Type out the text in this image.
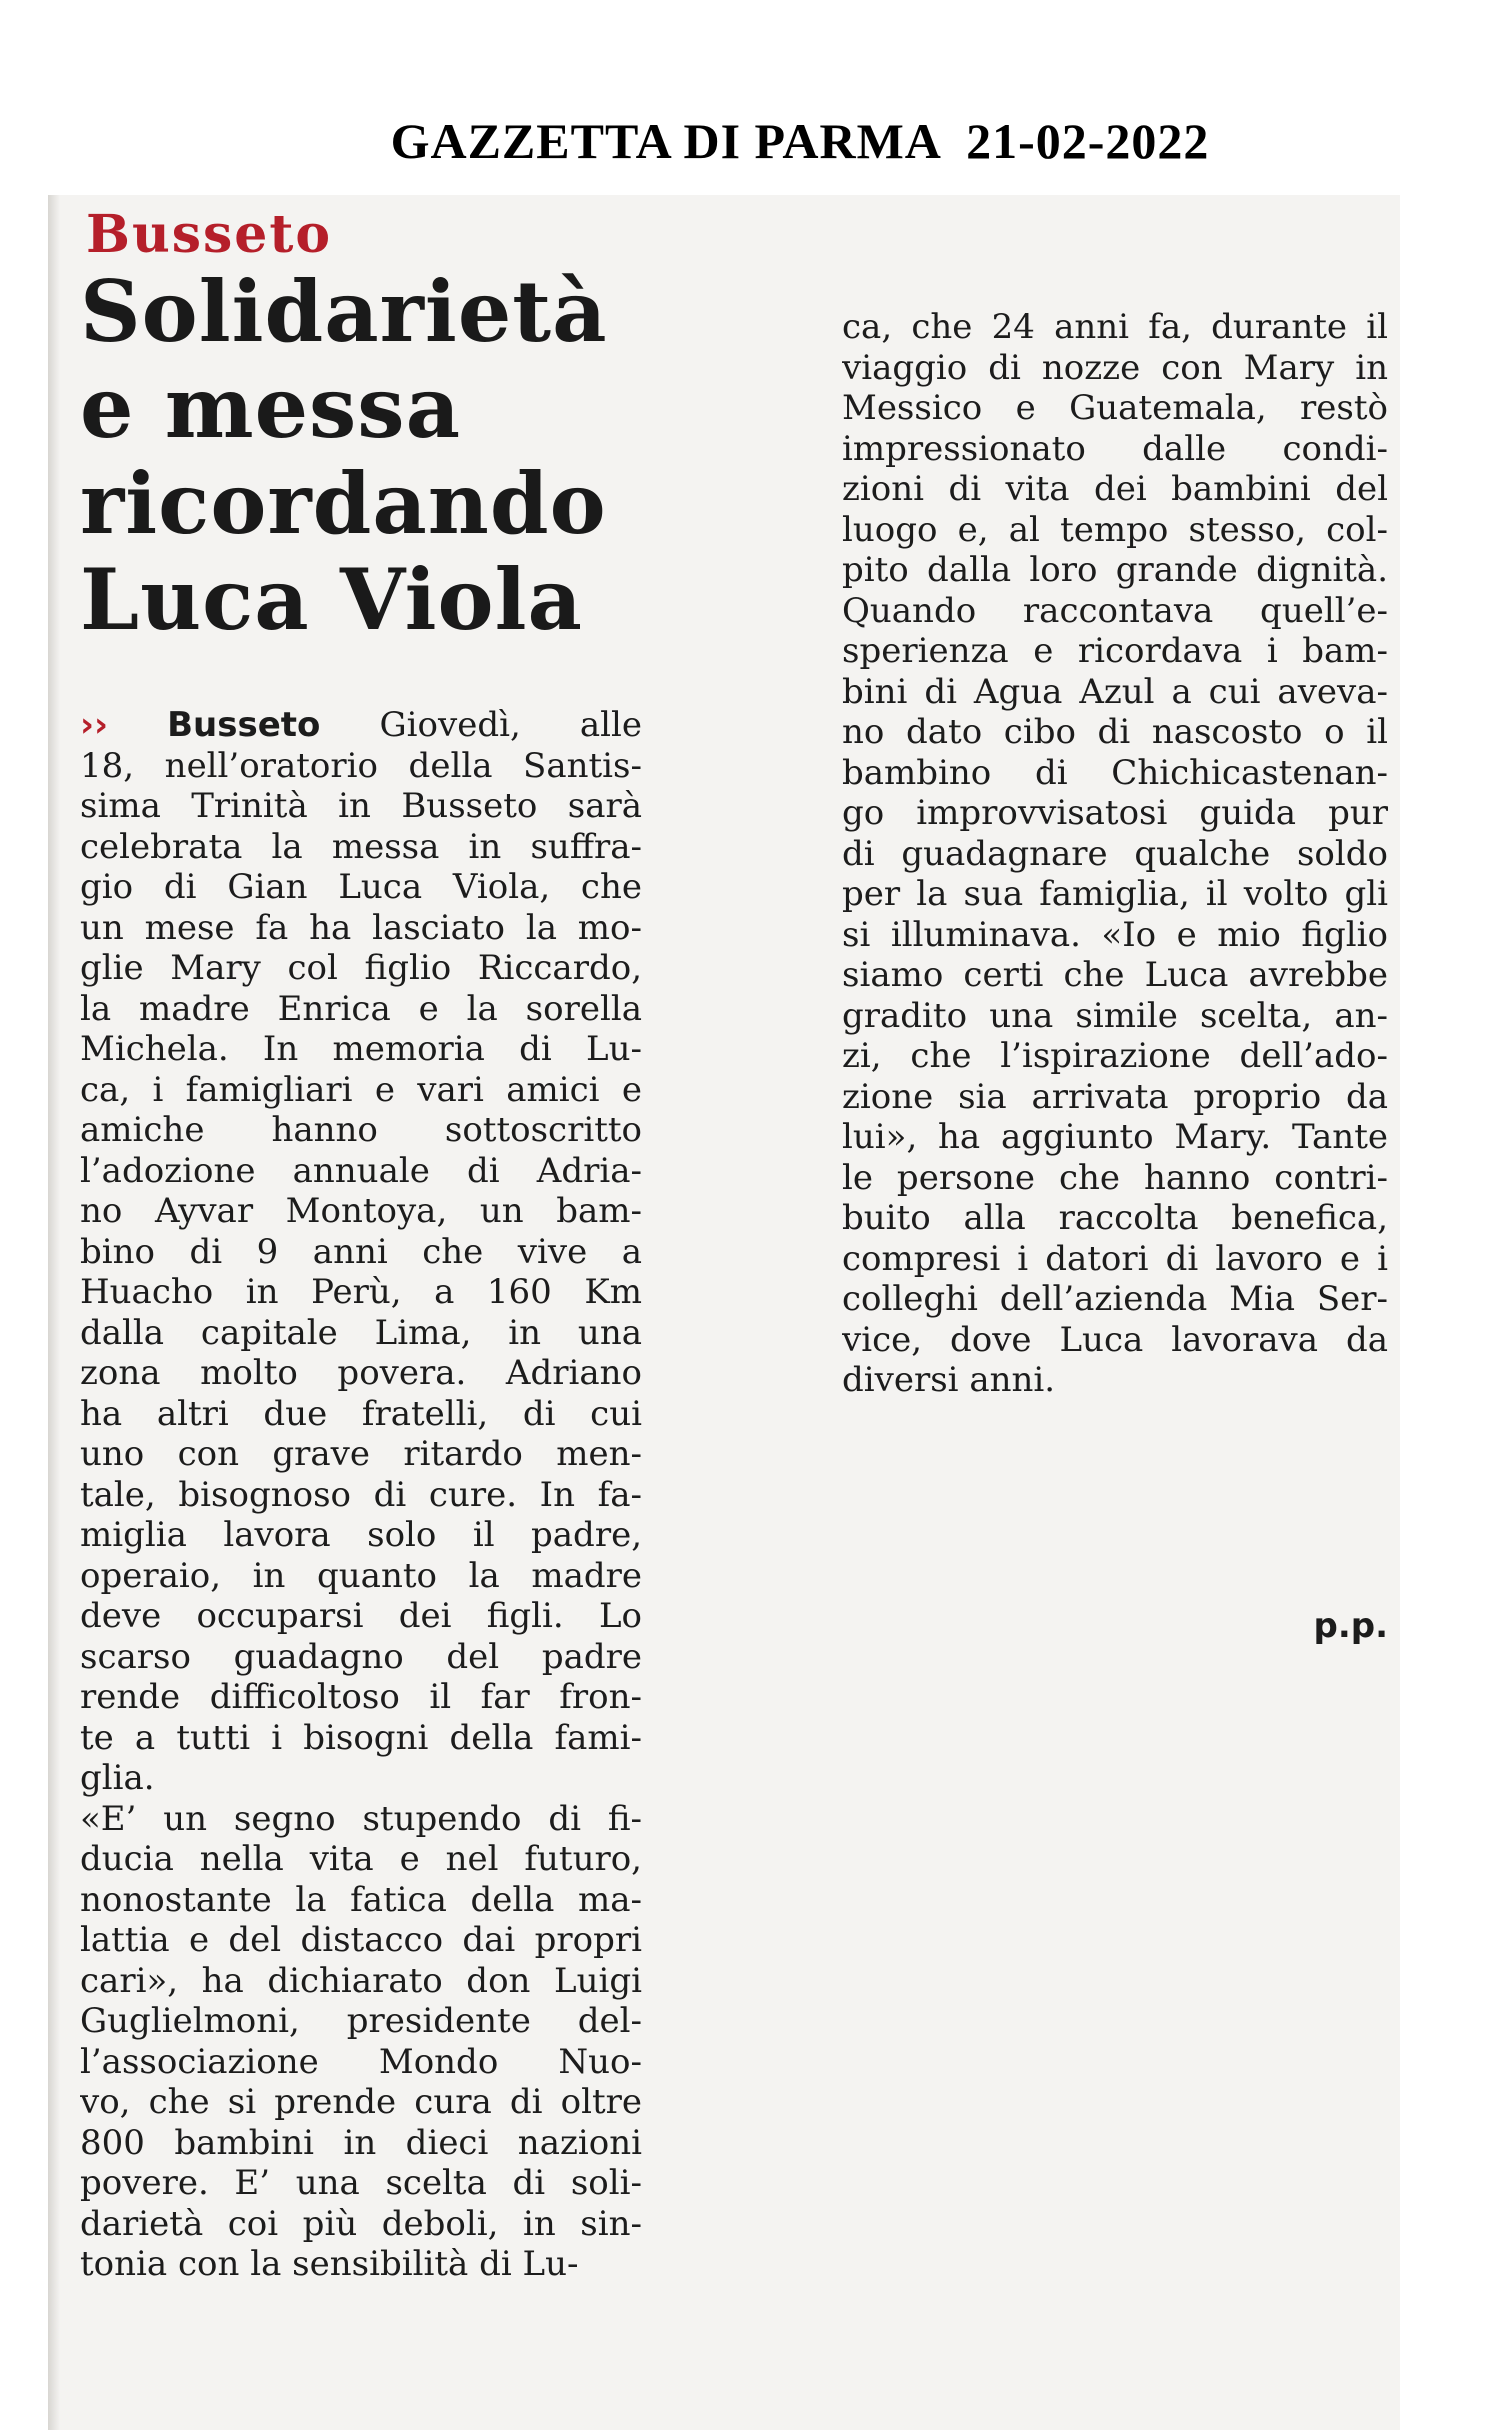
GAZZETTA DI PARMA  21-02-2022
Busseto
Solidarietà
e messa
ricordando
Luca Viola
›› Busseto Giovedì, alle
18, nell’oratorio della Santis-
sima Trinità in Busseto sarà
celebrata la messa in suffra-
gio di Gian Luca Viola, che
un mese fa ha lasciato la mo-
glie Mary col figlio Riccardo,
la madre Enrica e la sorella
Michela. In memoria di Lu-
ca, i famigliari e vari amici e
amiche hanno sottoscritto
l’adozione annuale di Adria-
no Ayvar Montoya, un bam-
bino di 9 anni che vive a
Huacho in Perù, a 160 Km
dalla capitale Lima, in una
zona molto povera. Adriano
ha altri due fratelli, di cui
uno con grave ritardo men-
tale, bisognoso di cure. In fa-
miglia lavora solo il padre,
operaio, in quanto la madre
deve occuparsi dei figli. Lo
scarso guadagno del padre
rende difficoltoso il far fron-
te a tutti i bisogni della fami-
glia.
«E’ un segno stupendo di fi-
ducia nella vita e nel futuro,
nonostante la fatica della ma-
lattia e del distacco dai propri
cari», ha dichiarato don Luigi
Guglielmoni, presidente del-
l’associazione Mondo Nuo-
vo, che si prende cura di oltre
800 bambini in dieci nazioni
povere. E’ una scelta di soli-
darietà coi più deboli, in sin-
tonia con la sensibilità di Lu-
ca, che 24 anni fa, durante il
viaggio di nozze con Mary in
Messico e Guatemala, restò
impressionato dalle condi-
zioni di vita dei bambini del
luogo e, al tempo stesso, col-
pito dalla loro grande dignità.
Quando raccontava quell’e-
sperienza e ricordava i bam-
bini di Agua Azul a cui aveva-
no dato cibo di nascosto o il
bambino di Chichicastenan-
go improvvisatosi guida pur
di guadagnare qualche soldo
per la sua famiglia, il volto gli
si illuminava. «Io e mio figlio
siamo certi che Luca avrebbe
gradito una simile scelta, an-
zi, che l’ispirazione dell’ado-
zione sia arrivata proprio da
lui», ha aggiunto Mary. Tante
le persone che hanno contri-
buito alla raccolta benefica,
compresi i datori di lavoro e i
colleghi dell’azienda Mia Ser-
vice, dove Luca lavorava da
diversi anni.
p.p.
